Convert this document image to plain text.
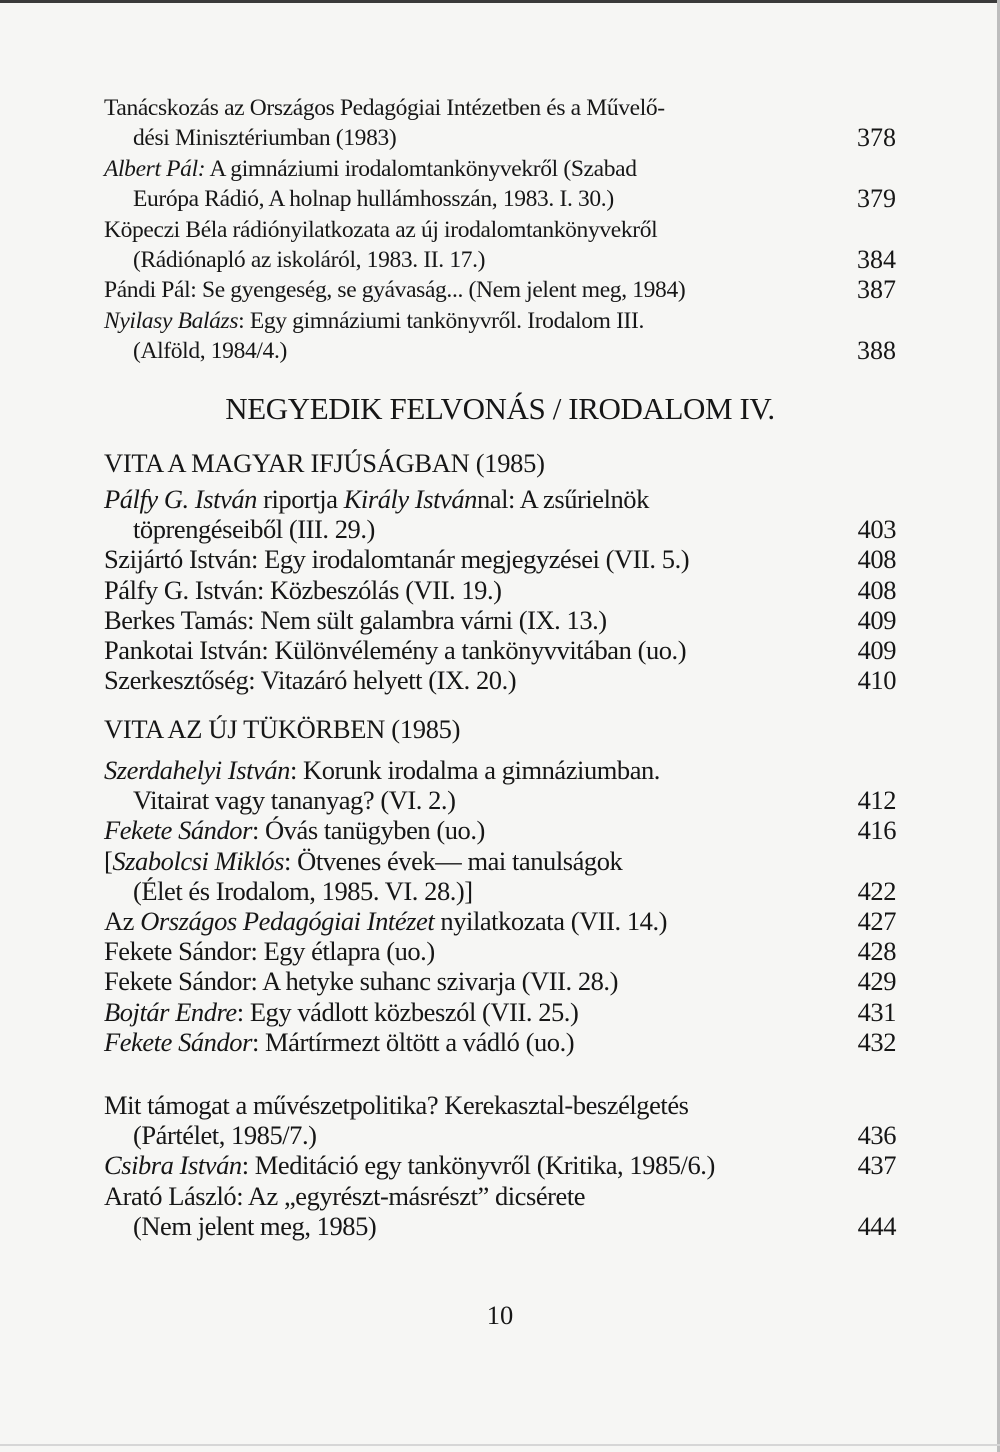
Tanácskozás az Országos Pedagógiai Intézetben és a Művelő-
dési Minisztériumban (1983)	378
Albert Pál: A gimnáziumi irodalomtankönyvekről (Szabad
Európa Rádió, A holnap hullámhosszán, 1983. I. 30.)	379
Köpeczi Béla rádiónyilatkozata az új irodalomtankönyvekről
(Rádiónapló az iskoláról, 1983. II. 17.)	384
Pándi Pál: Se gyengeség, se gyávaság... (Nem jelent meg, 1984)	387
Nyilasy Balázs: Egy gimnáziumi tankönyvről. Irodalom III.
(Alföld, 1984/4.)	388
NEGYEDIK FELVONÁS / IRODALOM IV.
VITA A MAGYAR IFJÚSÁGBAN (1985)
Pálfy G. István riportja Király Istvánnal: A zsűrielnök
töprengéseiből (III. 29.)	403
Szijártó István: Egy irodalomtanár megjegyzései (VII. 5.)	408
Pálfy G. István: Közbeszólás (VII. 19.)	408
Berkes Tamás: Nem sült galambra várni (IX. 13.)	409
Pankotai István: Különvélemény a tankönyvvitában (uo.)	409
Szerkesztőség: Vitazáró helyett (IX. 20.)	410
VITA AZ ÚJ TÜKÖRBEN (1985)
Szerdahelyi István: Korunk irodalma a gimnáziumban.
Vitairat vagy tananyag? (VI. 2.)	412
Fekete Sándor: Óvás tanügyben (uo.)	416
[Szabolcsi Miklós: Ötvenes évek— mai tanulságok
(Élet és Irodalom, 1985. VI. 28.)]	422
Az Országos Pedagógiai Intézet nyilatkozata (VII. 14.)	427
Fekete Sándor: Egy étlapra (uo.)	428
Fekete Sándor: A hetyke suhanc szivarja (VII. 28.)	429
Bojtár Endre: Egy vádlott közbeszól (VII. 25.)	431
Fekete Sándor: Mártírmezt öltött a vádló (uo.)	432
Mit támogat a művészetpolitika? Kerekasztal-beszélgetés
(Pártélet, 1985/7.)	436
Csibra István: Meditáció egy tankönyvről (Kritika, 1985/6.)	437
Arató László: Az „egyrészt-másrészt” dicsérete
(Nem jelent meg, 1985)	444
10
